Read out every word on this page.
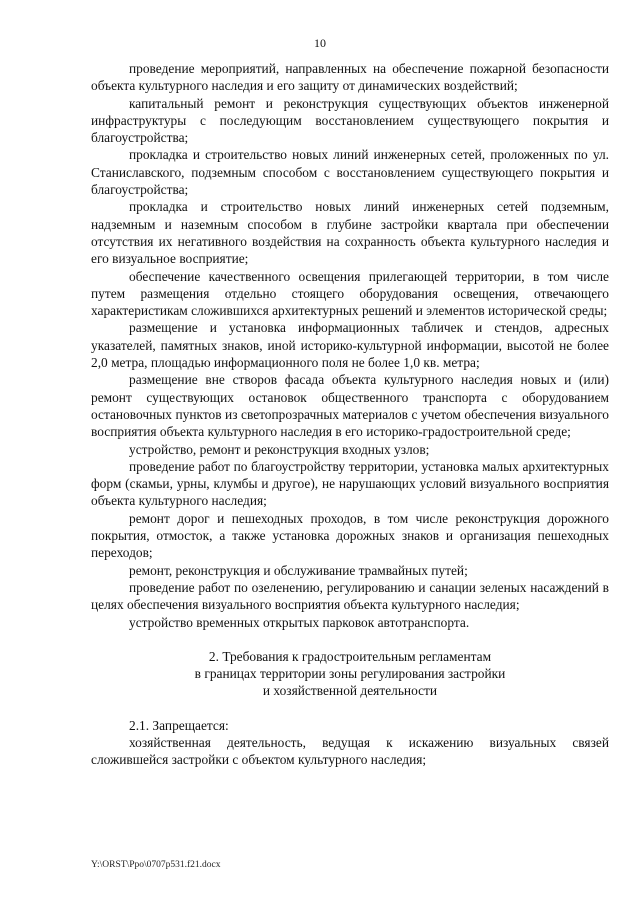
10

проведение мероприятий, направленных на обеспечение пожарной безопасности объекта культурного наследия и его защиту от динамических воздействий;

капитальный ремонт и реконструкция существующих объектов инженерной инфраструктуры с последующим восстановлением существующего покрытия и благоустройства;

прокладка и строительство новых линий инженерных сетей, проложенных по ул. Станиславского, подземным способом с восстановлением существующего покрытия и благоустройства;

прокладка и строительство новых линий инженерных сетей подземным, надземным и наземным способом в глубине застройки квартала при обеспечении отсутствия их негативного воздействия на сохранность объекта культурного наследия и его визуальное восприятие;

обеспечение качественного освещения прилегающей территории, в том числе путем размещения отдельно стоящего оборудования освещения, отвечающего характеристикам сложившихся архитектурных решений и элементов исторической среды;

размещение и установка информационных табличек и стендов, адресных указателей, памятных знаков, иной историко-культурной информации, высотой не более 2,0 метра, площадью информационного поля не более 1,0 кв. метра;

размещение вне створов фасада объекта культурного наследия новых и (или) ремонт существующих остановок общественного транспорта с оборудованием остановочных пунктов из светопрозрачных материалов с учетом обеспечения визуального восприятия объекта культурного наследия в его историко-градостроительной среде;

устройство, ремонт и реконструкция входных узлов;

проведение работ по благоустройству территории, установка малых архитектурных форм (скамьи, урны, клумбы и другое), не нарушающих условий визуального восприятия объекта культурного наследия;

ремонт дорог и пешеходных проходов, в том числе реконструкция дорожного покрытия, отмосток, а также установка дорожных знаков и организация пешеходных переходов;

ремонт, реконструкция и обслуживание трамвайных путей;

проведение работ по озеленению, регулированию и санации зеленых насаждений в целях обеспечения визуального восприятия объекта культурного наследия;

устройство временных открытых парковок автотранспорта.

2. Требования к градостроительным регламентам
в границах территории зоны регулирования застройки
и хозяйственной деятельности

2.1. Запрещается:

хозяйственная деятельность, ведущая к искажению визуальных связей сложившейся застройки с объектом культурного наследия;

Y:\ORST\Ppo\0707p531.f21.docx
